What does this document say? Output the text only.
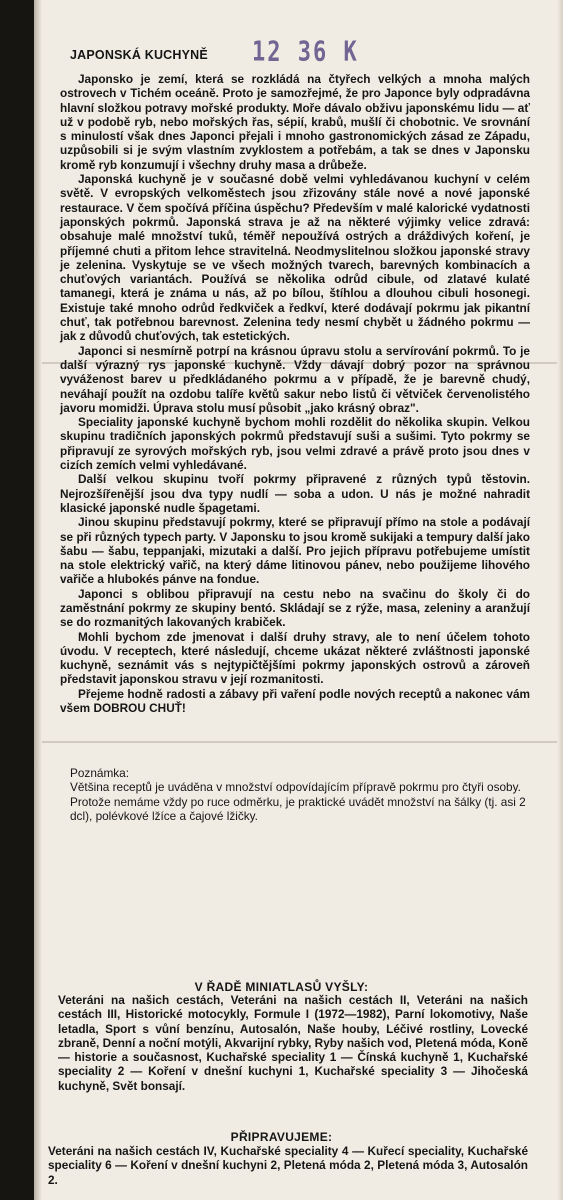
JAPONSKÁ KUCHYNĚ 12 36 K

Japonsko je zemí, která se rozkládá na čtyřech velkých a mnoha malých ostrovech v Tichém oceánĕ. Proto je samozřejmé, že pro Japonce byly odpradávna hlavní složkou potravy mořské produkty. Moře dávalo obživu japonskému lidu — ať už v podobě ryb, nebo mořských řas, sépií, krabů, mušlí či chobotnic. Ve srovnání s minulostí však dnes Japonci přejali i mnoho gastronomických zásad ze Západu, uzpůsobili si je svým vlastním zvyklostem a potřebám, a tak se dnes v Japonsku kromě ryb konzumují i všechny druhy masa a drůbeže.

Japonská kuchyně je v současné době velmi vyhledávanou kuchyní v celém světě. V evropských velkoměstech jsou zřizovány stále nové a nové japonské restaurace. V čem spočívá příčina úspěchu? Především v malé kalorické vydatnosti japonských pokrmů. Japonská strava je až na některé výjimky velice zdravá: obsahuje malé množství tuků, téměř nepoužívá ostrých a dráždivých koření, je příjemné chuti a přitom lehce stravitelná. Neodmyslitelnou složkou japonské stravy je zelenina. Vyskytuje se ve všech možných tvarech, barevných kombinacích a chuťových variantách. Používá se několika odrůd cibule, od zlatavé kulaté tamanegi, která je známa u nás, až po bílou, štíhlou a dlouhou cibuli hosonegi. Existuje také mnoho odrůd ředkviček a ředkví, které dodávají pokrmu jak pikantní chuť, tak potřebnou barevnost. Zelenina tedy nesmí chybět u žádného pokrmu — jak z důvodů chuťových, tak estetických.

Japonci si nesmírně potrpí na krásnou úpravu stolu a servírování pokrmů. To je další výrazný rys japonské kuchyně. Vždy dávají dobrý pozor na správnou vyváženost barev u předkládaného pokrmu a v případě, že je barevně chudý, neváhají použít na ozdobu talíře květů sakur nebo listů či větviček červenolistého javoru momidži. Úprava stolu musí působit „jako krásný obraz".

Speciality japonské kuchyně bychom mohli rozdělit do několika skupin. Velkou skupinu tradičních japonských pokrmů představují suši a sušimi. Tyto pokrmy se připravují ze syrových mořských ryb, jsou velmi zdravé a právě proto jsou dnes v cizích zemích velmi vyhledávané.

Další velkou skupinu tvoří pokrmy připravené z různých typů těstovin. Nejrozšířenější jsou dva typy nudlí — soba a udon. U nás je možné nahradit klasické japonské nudle špagetami.

Jinou skupinu představují pokrmy, které se připravují přímo na stole a podávají se při různých typech party. V Japonsku to jsou kromě sukijaki a tempury další jako šabu — šabu, teppanjaki, mizutaki a další. Pro jejich přípravu potřebujeme umístit na stole elektrický vařič, na který dáme litinovou pánev, nebo použijeme lihového vařiče a hlubokés pánve na fondue.

Japonci s oblibou připravují na cestu nebo na svačinu do školy či do zaměstnání pokrmy ze skupiny bentó. Skládají se z rýže, masa, zeleniny a aranžují se do rozmanitých lakovaných krabiček.

Mohli bychom zde jmenovat i další druhy stravy, ale to není účelem tohoto úvodu. V receptech, které následují, chceme ukázat některé zvláštnosti japonské kuchyně, seznámit vás s nejtypičtějšími pokrmy japonských ostrovů a zároveň představit japonskou stravu v její rozmanitosti.

Přejeme hodně radosti a zábavy při vaření podle nových receptů a nakonec vám všem DOBROU CHUŤ!

Poznámka:

Většina receptů je uváděna v množství odpovídajícím přípravě pokrmu pro čtyři osoby. Protože nemáme vždy po ruce odměrku, je praktické uvádět množství na šálky (tj. asi 2 dcl), polévkové lžíce a čajové lžičky.

V ŘADĚ MINIATLASŮ VYŠLY:
Veteráni na našich cestách, Veteráni na našich cestách II, Veteráni na našich cestách III, Historické motocykly, Formule I (1972—1982), Parní lokomotivy, Naše letadla, Sport s vůní benzínu, Autosalón, Naše houby, Léčivé rostliny, Lovecké zbraně, Denní a noční motýli, Akvarijní rybky, Ryby našich vod, Pletená móda, Koně — historie a současnost, Kuchařské speciality 1 — Čínská kuchyně 1, Kuchařské speciality 2 — Koření v dnešní kuchyni 1, Kuchařské speciality 3 — Jihočeská kuchyně, Svět bonsají.
PŘIPRAVUJEME:
Veteráni na našich cestách IV, Kuchařské speciality 4 — Kuřecí speciality, Kuchařské speciality 6 — Koření v dnešní kuchyni 2, Pletená móda 2, Pletená móda 3, Autosalón 2.
